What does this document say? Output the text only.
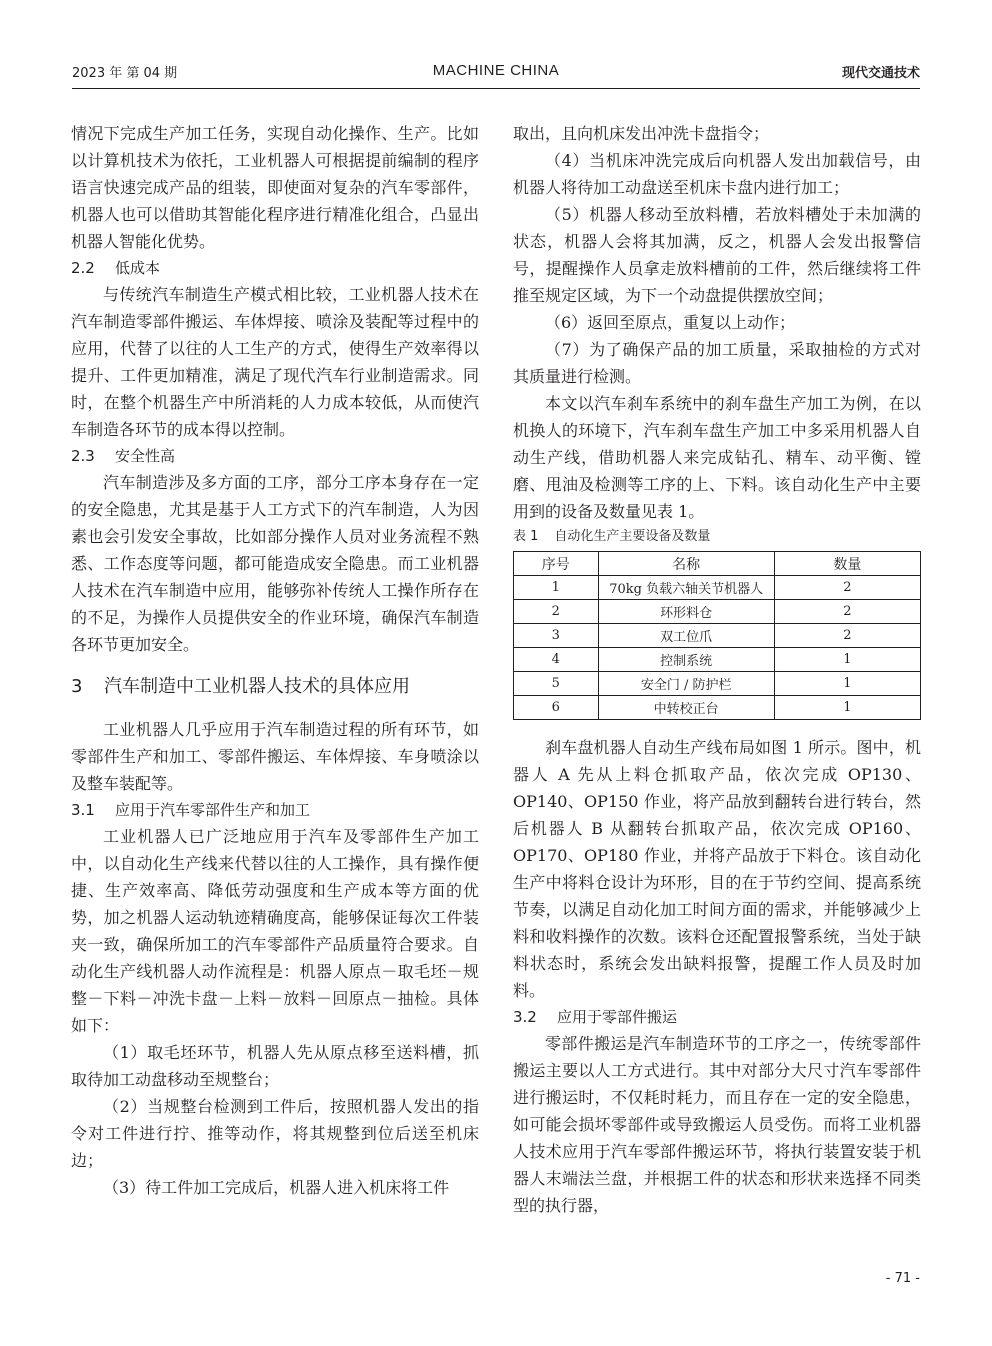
2023 年 第 04 期	MACHINE CHINA	现代交通技术

情况下完成生产加工任务，实现自动化操作、生产。比如以计算机技术为依托，工业机器人可根据提前编制的程序语言快速完成产品的组装，即使面对复杂的汽车零部件，机器人也可以借助其智能化程序进行精准化组合，凸显出机器人智能化优势。

2.2 低成本

与传统汽车制造生产模式相比较，工业机器人技术在汽车制造零部件搬运、车体焊接、喷涂及装配等过程中的应用，代替了以往的人工生产的方式，使得生产效率得以提升、工件更加精准，满足了现代汽车行业制造需求。同时，在整个机器生产中所消耗的人力成本较低，从而使汽车制造各环节的成本得以控制。

2.3 安全性高

汽车制造涉及多方面的工序，部分工序本身存在一定的安全隐患，尤其是基于人工方式下的汽车制造，人为因素也会引发安全事故，比如部分操作人员对业务流程不熟悉、工作态度等问题，都可能造成安全隐患。而工业机器人技术在汽车制造中应用，能够弥补传统人工操作所存在的不足，为操作人员提供安全的作业环境，确保汽车制造各环节更加安全。

3 汽车制造中工业机器人技术的具体应用

工业机器人几乎应用于汽车制造过程的所有环节，如零部件生产和加工、零部件搬运、车体焊接、车身喷涂以及整车装配等。

3.1 应用于汽车零部件生产和加工

工业机器人已广泛地应用于汽车及零部件生产加工中，以自动化生产线来代替以往的人工操作，具有操作便捷、生产效率高、降低劳动强度和生产成本等方面的优势，加之机器人运动轨迹精确度高，能够保证每次工件装夹一致，确保所加工的汽车零部件产品质量符合要求。自动化生产线机器人动作流程是：机器人原点－取毛坯－规整－下料－冲洗卡盘－上料－放料－回原点－抽检。具体如下：

（1）取毛坯环节，机器人先从原点移至送料槽，抓取待加工动盘移动至规整台；

（2）当规整台检测到工件后，按照机器人发出的指令对工件进行拧、推等动作，将其规整到位后送至机床边；

（3）待工件加工完成后，机器人进入机床将工件

取出，且向机床发出冲洗卡盘指令；

（4）当机床冲洗完成后向机器人发出加载信号，由机器人将待加工动盘送至机床卡盘内进行加工；

（5）机器人移动至放料槽，若放料槽处于未加满的状态，机器人会将其加满，反之，机器人会发出报警信号，提醒操作人员拿走放料槽前的工件，然后继续将工件推至规定区域，为下一个动盘提供摆放空间；

（6）返回至原点，重复以上动作；

（7）为了确保产品的加工质量，采取抽检的方式对其质量进行检测。

本文以汽车刹车系统中的刹车盘生产加工为例，在以机换人的环境下，汽车刹车盘生产加工中多采用机器人自动生产线，借助机器人来完成钻孔、精车、动平衡、镗磨、甩油及检测等工序的上、下料。该自动化生产中主要用到的设备及数量见表 1。

表 1 自动化生产主要设备及数量
序号	名称	数量
1	70kg 负载六轴关节机器人	2
2	环形料仓	2
3	双工位爪	2
4	控制系统	1
5	安全门 / 防护栏	1
6	中转校正台	1

刹车盘机器人自动生产线布局如图 1 所示。图中，机器人 A 先从上料仓抓取产品，依次完成 OP130、OP140、OP150 作业，将产品放到翻转台进行转台，然后机器人 B 从翻转台抓取产品，依次完成 OP160、OP170、OP180 作业，并将产品放于下料仓。该自动化生产中将料仓设计为环形，目的在于节约空间、提高系统节奏，以满足自动化加工时间方面的需求，并能够减少上料和收料操作的次数。该料仓还配置报警系统，当处于缺料状态时，系统会发出缺料报警，提醒工作人员及时加料。

3.2 应用于零部件搬运

零部件搬运是汽车制造环节的工序之一，传统零部件搬运主要以人工方式进行。其中对部分大尺寸汽车零部件进行搬运时，不仅耗时耗力，而且存在一定的安全隐患，如可能会损坏零部件或导致搬运人员受伤。而将工业机器人技术应用于汽车零部件搬运环节，将执行装置安装于机器人末端法兰盘，并根据工件的状态和形状来选择不同类型的执行器，

- 71 -
